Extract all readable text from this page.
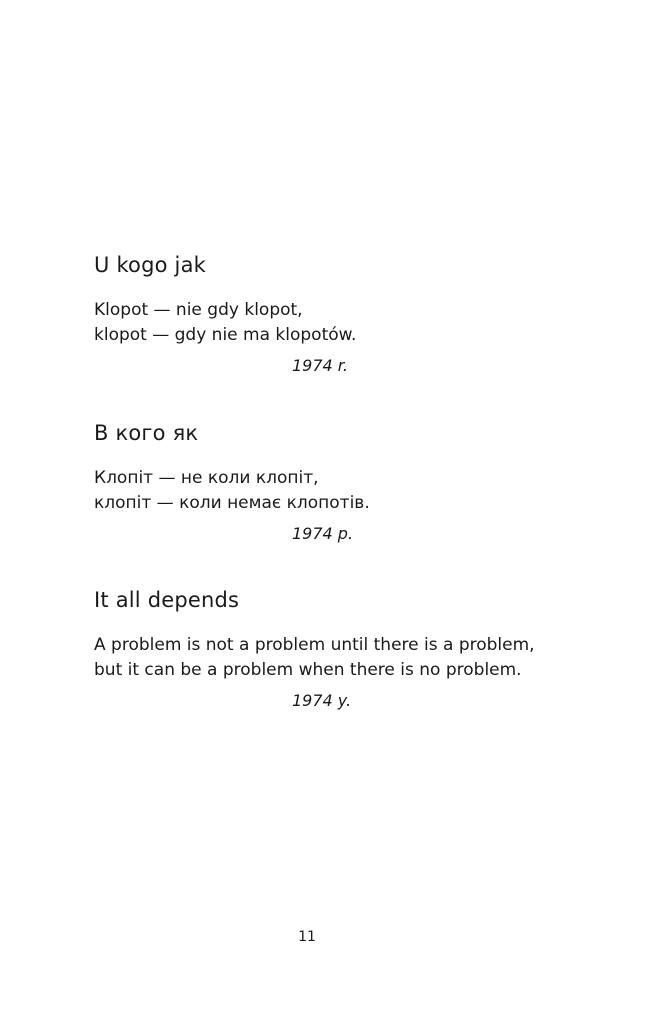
U kogo jak
Klopot — nie gdy klopot,
klopot — gdy nie ma klopotów.
1974 r.
В кого як
Клопіт — не коли клопіт,
клопіт — коли немає клопотів.
1974 р.
It all depends
A problem is not a problem until there is a problem,
but it can be a problem when there is no problem.
1974 y.
11
